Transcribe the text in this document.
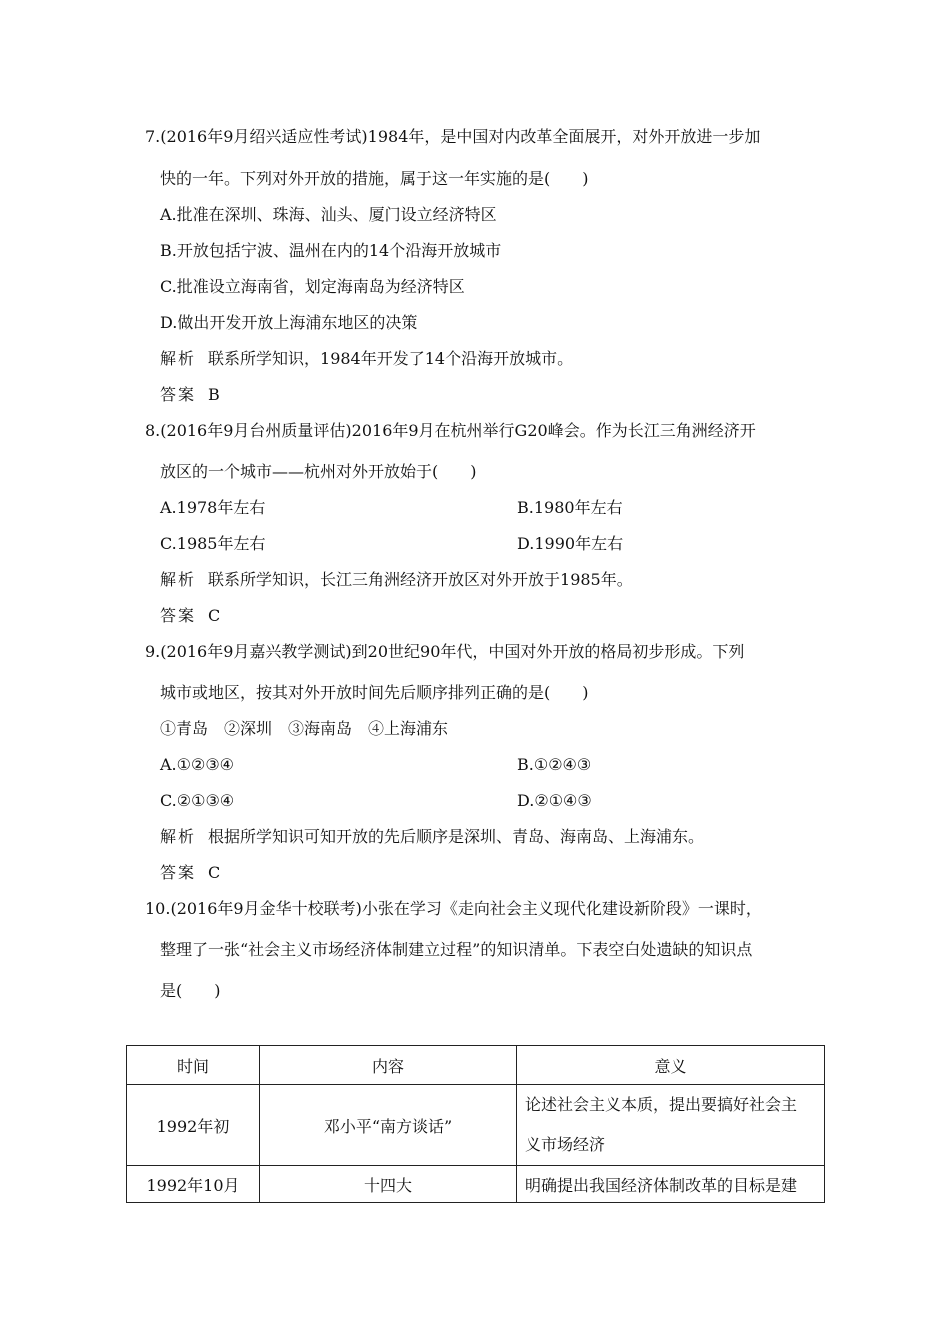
7.(2016年9月绍兴适应性考试)1984年，是中国对内改革全面展开，对外开放进一步加
快的一年。下列对外开放的措施，属于这一年实施的是(　　)
A.批准在深圳、珠海、汕头、厦门设立经济特区
B.开放包括宁波、温州在内的14个沿海开放城市
C.批准设立海南省，划定海南岛为经济特区
D.做出开发开放上海浦东地区的决策
解析 联系所学知识，1984年开发了14个沿海开放城市。
答案 B
8.(2016年9月台州质量评估)2016年9月在杭州举行G20峰会。作为长江三角洲经济开
放区的一个城市——杭州对外开放始于(　　)
A.1978年左右	B.1980年左右
C.1985年左右	D.1990年左右
解析 联系所学知识，长江三角洲经济开放区对外开放于1985年。
答案 C
9.(2016年9月嘉兴教学测试)到20世纪90年代，中国对外开放的格局初步形成。下列
城市或地区，按其对外开放时间先后顺序排列正确的是(　　)
①青岛　②深圳　③海南岛　④上海浦东
A.①②③④	B.①②④③
C.②①③④	D.②①④③
解析 根据所学知识可知开放的先后顺序是深圳、青岛、海南岛、上海浦东。
答案 C
10.(2016年9月金华十校联考)小张在学习《走向社会主义现代化建设新阶段》一课时，
整理了一张“社会主义市场经济体制建立过程”的知识清单。下表空白处遗缺的知识点
是(　　)
时间	内容	意义
1992年初	邓小平“南方谈话”	论述社会主义本质，提出要搞好社会主
义市场经济

1992年10月	十四大	明确提出我国经济体制改革的目标是建
